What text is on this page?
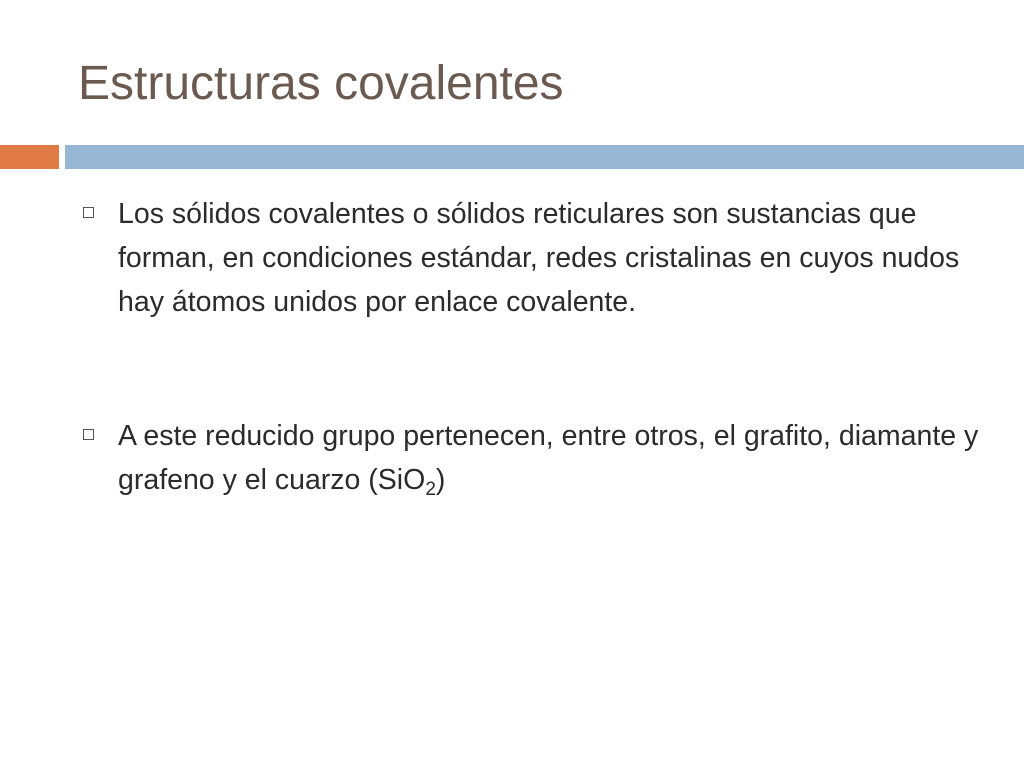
Estructuras covalentes
Los sólidos covalentes o sólidos reticulares son sustancias que forman, en condiciones estándar, redes cristalinas en cuyos nudos hay átomos unidos por enlace covalente.
A este reducido grupo pertenecen, entre otros, el grafito, diamante y grafeno y el cuarzo (SiO$_2$)
